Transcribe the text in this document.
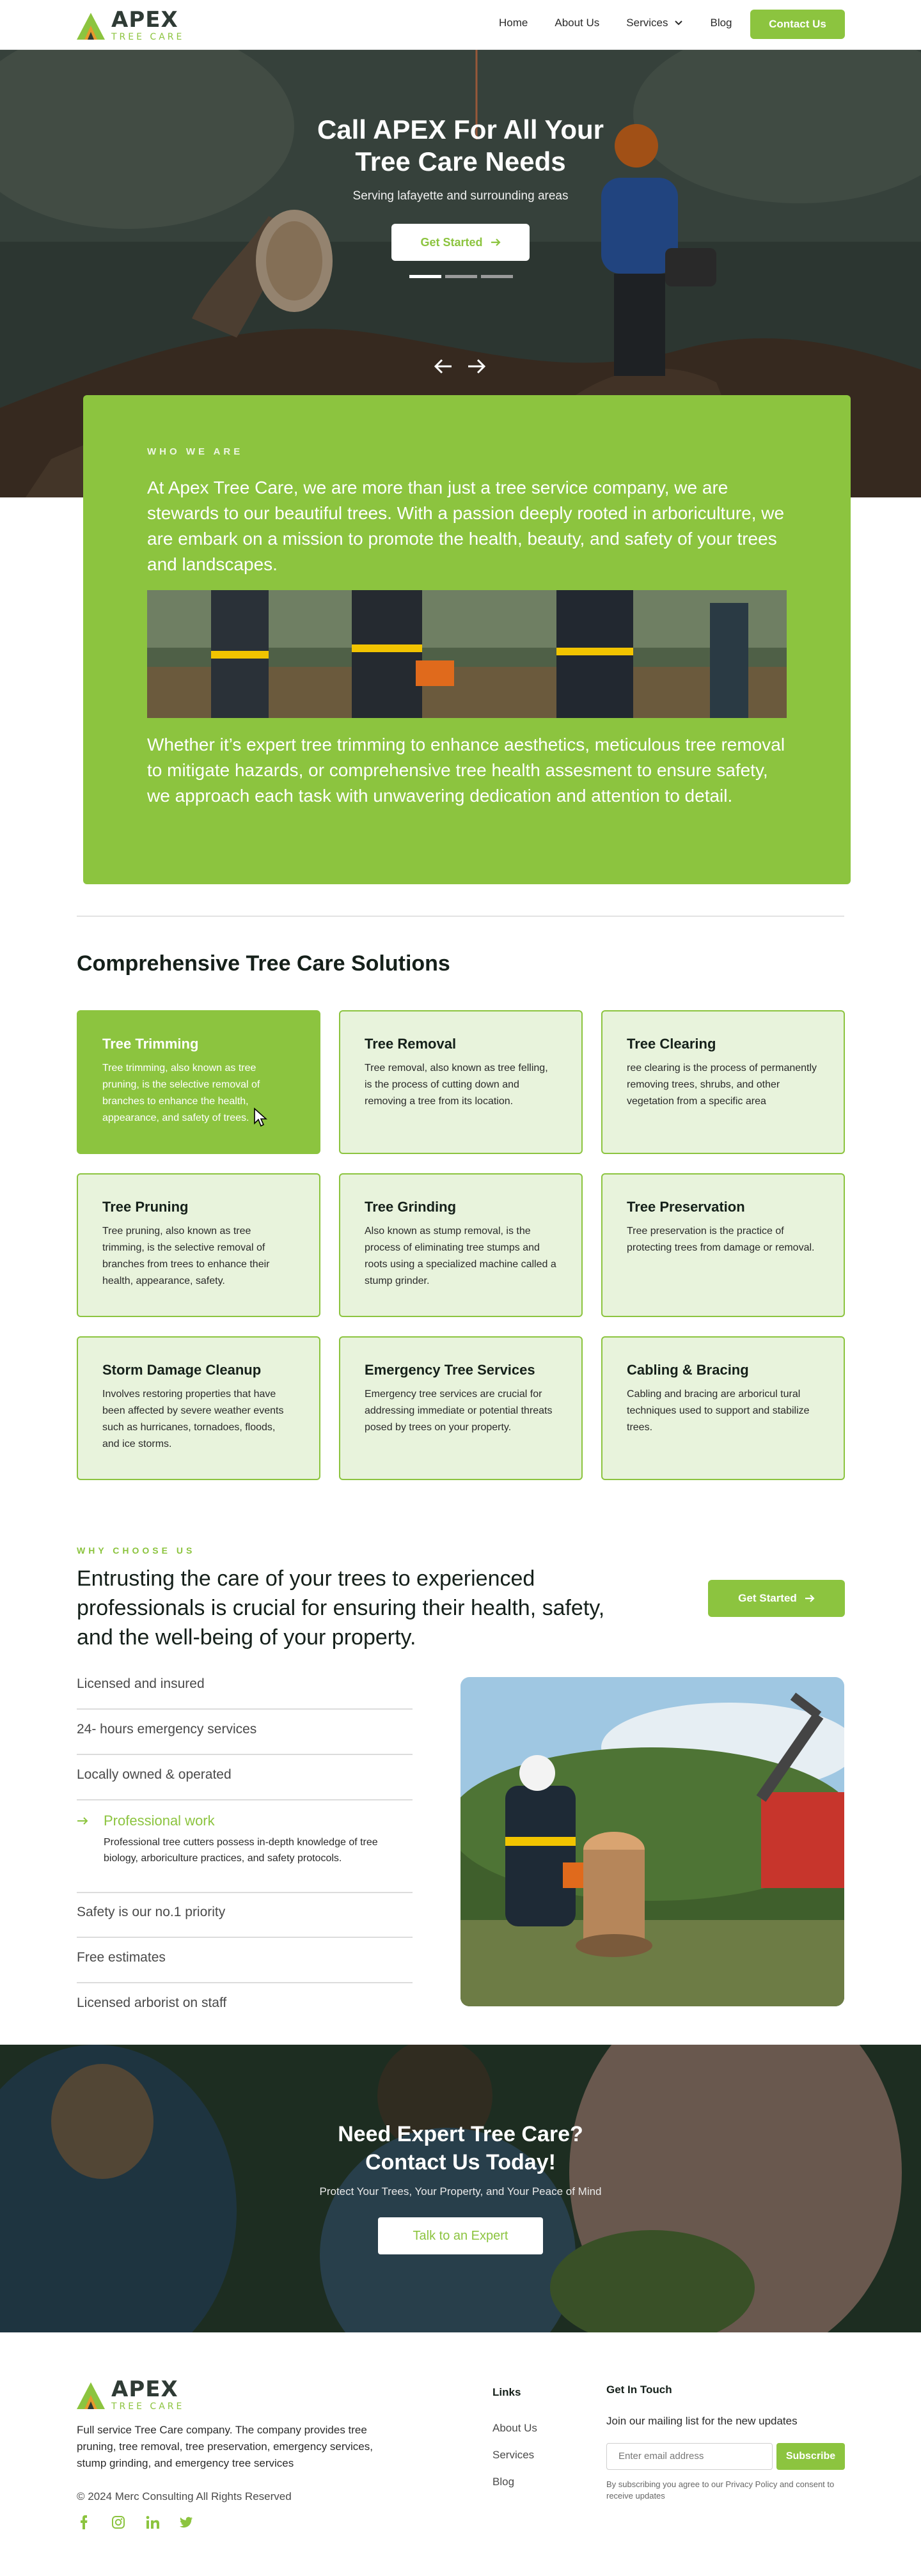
APEX
TREE CARE
Home About Us Services	Blog	Contact Us
Call APEX For All Your
Tree Care Needs
Serving lafayette and surrounding areas
Get Started
WHO WE ARE
At Apex Tree Care, we are more than just a tree service company, we are stewards to our beautiful trees. With a passion deeply rooted in arboriculture, we are embark on a mission to promote the health, beauty, and safety of your trees and landscapes.
Whether it’s expert tree trimming to enhance aesthetics, meticulous tree removal to mitigate hazards, or comprehensive tree health assesment to ensure safety, we approach each task with unwavering dedication and attention to detail.
Comprehensive Tree Care Solutions
Tree Trimming

Tree trimming, also known as tree pruning, is the selective removal of branches to enhance the health, appearance, and safety of trees.

Tree Removal

Tree removal, also known as tree felling, is the process of cutting down and removing a tree from its location.

Tree Clearing

ree clearing is the process of permanently removing trees, shrubs, and other vegetation from a specific area

Tree Pruning

Tree pruning, also known as tree trimming, is the selective removal of branches from trees to enhance their health, appearance, safety.

Tree Grinding

Also known as stump removal, is the process of eliminating tree stumps and roots using a specialized machine called a stump grinder.

Tree Preservation

Tree preservation is the practice of protecting trees from damage or removal.

Storm Damage Cleanup

Involves restoring properties that have been affected by severe weather events such as hurricanes, tornadoes, floods, and ice storms.

Emergency Tree Services

Emergency tree services are crucial for addressing immediate or potential threats posed by trees on your property.

Cabling & Bracing

Cabling and bracing are arboricul tural techniques used to support and stabilize trees.

WHY CHOOSE US
Entrusting the care of your trees to experienced professionals is crucial for ensuring their health, safety, and the well-being of your property.
Get Started
Licensed and insured
24- hours emergency services
Locally owned & operated
Professional work
Professional tree cutters possess in-depth knowledge of tree biology, arboriculture practices, and safety protocols.
Safety is our no.1 priority
Free estimates
Licensed arborist on staff
Need Expert Tree Care?
Contact Us Today!
Protect Your Trees, Your Property, and Your Peace of Mind
Talk to an Expert
APEX
TREE CARE
Full service Tree Care company. The company provides tree pruning, tree removal, tree preservation, emergency services, stump grinding, and emergency tree services
© 2024 Merc Consulting All Rights Reserved
Links
About Us
Services
Blog
Get In Touch
Join our mailing list for the new updates
Enter email address	Subscribe
By subscribing you agree to our Privacy Policy and consent to receive updates
